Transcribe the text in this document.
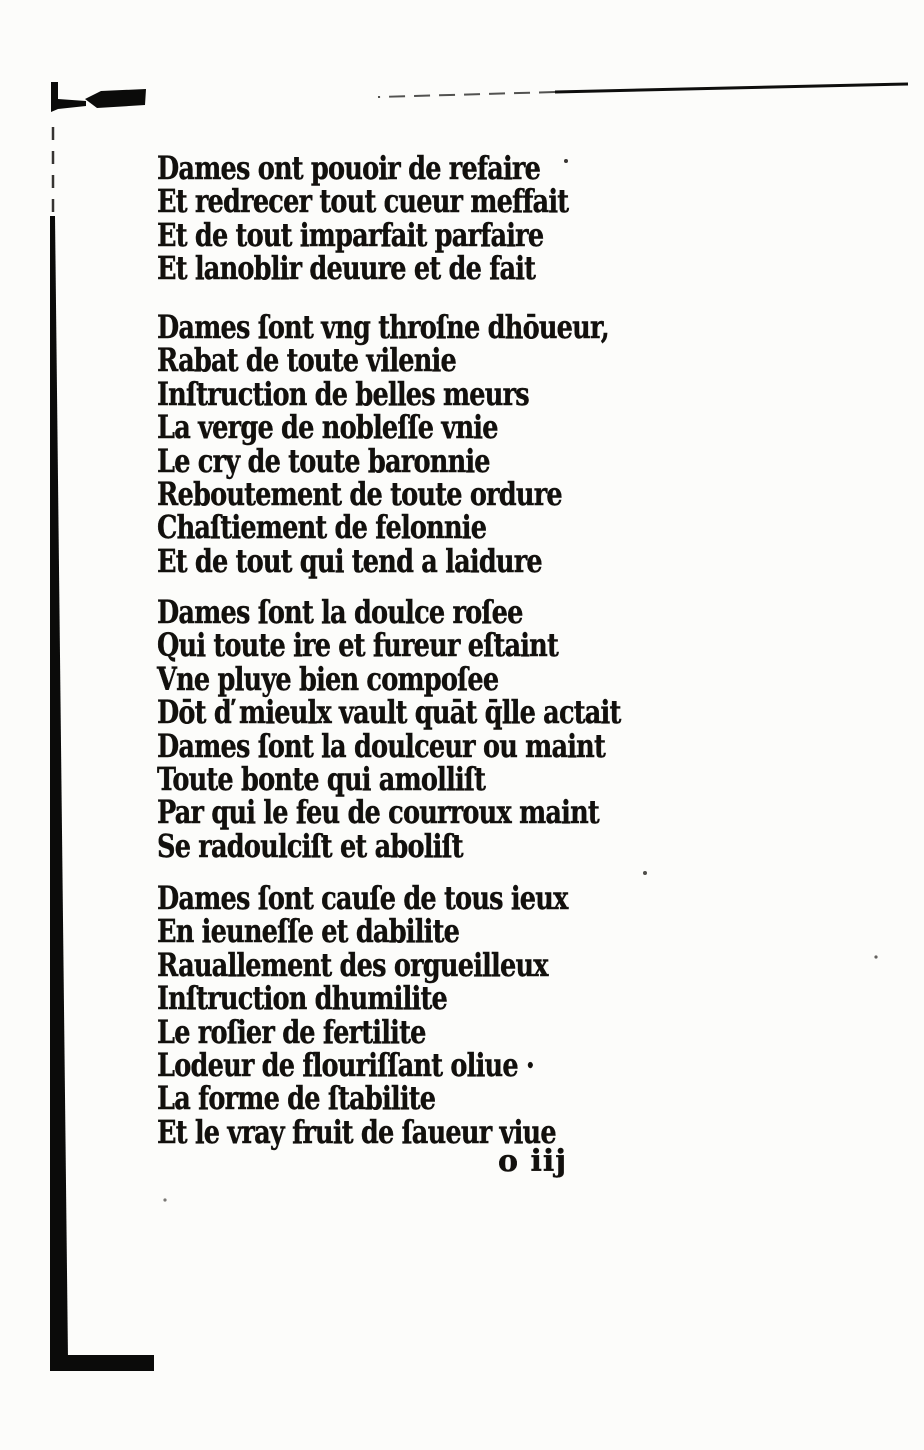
Dames ont pouoir de refaire
Et redrecer tout cueur meffait
Et de tout imparfait parfaire
Et lanoblir deuure et de fait
Dames ſont vng throſne dhōueur,
Rabat de toute vilenie
Inſtruction de belles meurs
La verge de nobleſſe vnie
Le cry de toute baronnie
Reboutement de toute ordure
Chaſtiement de felonnie
Et de tout qui tend a laidure
Dames ſont la doulce roſee
Qui toute ire et fureur eſtaint
Vne pluye bien compoſee
Dōt ď mieulx vault quāt q̄lle actait
Dames ſont la doulceur ou maint
Toute bonte qui amolliſt
Par qui le feu de courroux maint
Se radoulciſt et aboliſt
Dames ſont cauſe de tous ieux
En ieuneſſe et dabilite
Rauallement des orgueilleux
Inſtruction dhumilite
Le roſier de fertilite
Lodeur de flouriſſant oliue ·
La forme de ſtabilite
Et le vray fruit de ſaueur viue
o iij
